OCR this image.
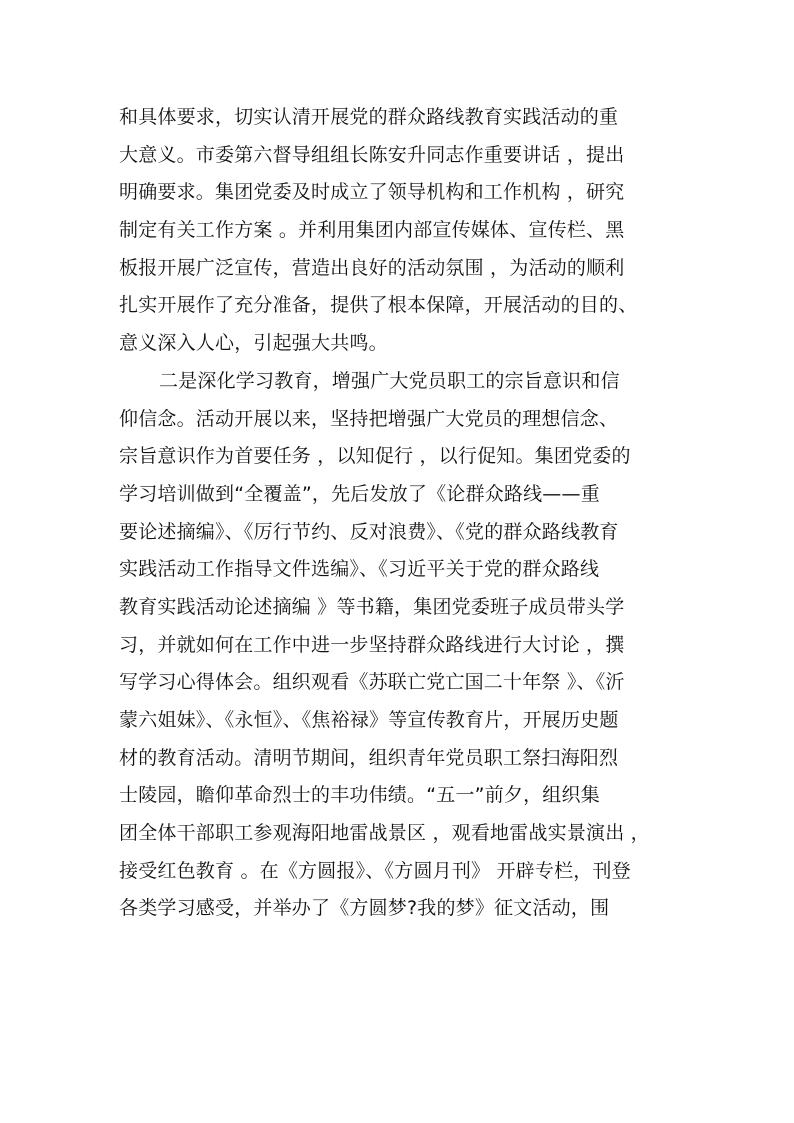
和具体要求，切实认清开展党的群众路线教育实践活动的重
大意义。市委第六督导组组长陈安升同志作重要讲话 ，提出
明确要求。集团党委及时成立了领导机构和工作机构 ，研究
制定有关工作方案 。并利用集团内部宣传媒体、宣传栏、黑
板报开展广泛宣传，营造出良好的活动氛围 ，为活动的顺利
扎实开展作了充分准备，提供了根本保障，开展活动的目的、
意义深入人心，引起强大共鸣。
二是深化学习教育，增强广大党员职工的宗旨意识和信
仰信念。活动开展以来，坚持把增强广大党员的理想信念、
宗旨意识作为首要任务 ，以知促行 ，以行促知。集团党委的
学习培训做到“全覆盖”，先后发放了《论群众路线——重
要论述摘编》、《厉行节约、反对浪费》、《党的群众路线教育
实践活动工作指导文件选编》、《习近平关于党的群众路线
教育实践活动论述摘编 》等书籍，集团党委班子成员带头学
习，并就如何在工作中进一步坚持群众路线进行大讨论 ，撰
写学习心得体会。组织观看《苏联亡党亡国二十年祭 》、《沂
蒙六姐妹》、《永恒》、《焦裕禄》等宣传教育片，开展历史题
材的教育活动。清明节期间，组织青年党员职工祭扫海阳烈
士陵园，瞻仰革命烈士的丰功伟绩。“五一”前夕，组织集
团全体干部职工参观海阳地雷战景区 ，观看地雷战实景演出 ，
接受红色教育 。在《方圆报》、《方圆月刊》 开辟专栏，刊登
各类学习感受，并举办了《方圆梦?我的梦》征文活动，围
